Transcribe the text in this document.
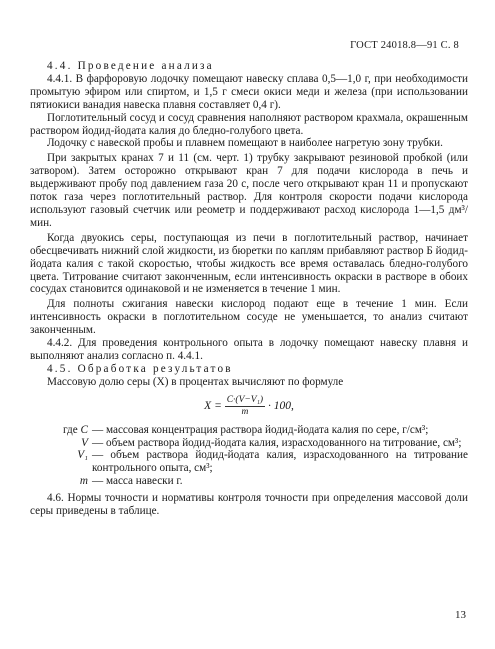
ГОСТ 24018.8—91 С. 8

4.4. Проведение анализа

4.4.1. В фарфоровую лодочку помещают навеску сплава 0,5—1,0 г, при необходимости промытую эфиром или спиртом, и 1,5 г смеси окиси меди и железа (при использовании пятиокиси ванадия навеска плавня составляет 0,4 г).

Поглотительный сосуд и сосуд сравнения наполняют раствором крахмала, окрашенным раствором йодид-йодата калия до бледно-голубого цвета.

Лодочку с навеской пробы и плавнем помещают в наиболее нагретую зону трубки.

При закрытых кранах 7 и 11 (см. черт. 1) трубку закрывают резиновой пробкой (или затвором). Затем осторожно открывают кран 7 для подачи кислорода в печь и выдерживают пробу под давлением газа 20 с, после чего открывают кран 11 и пропускают поток газа через поглотительный раствор. Для контроля скорости подачи кислорода используют газовый счетчик или реометр и поддерживают расход кислорода 1—1,5 дм³/мин.

Когда двуокись серы, поступающая из печи в поглотительный раствор, начинает обесцвечивать нижний слой жидкости, из бюретки по каплям прибавляют раствор Б йодид-йодата калия с такой скоростью, чтобы жидкость все время оставалась бледно-голубого цвета. Титрование считают законченным, если интенсивность окраски в растворе в обоих сосудах становится одинаковой и не изменяется в течение 1 мин.

Для полноты сжигания навески кислород подают еще в течение 1 мин. Если интенсивность окраски в поглотительном сосуде не уменьшается, то анализ считают законченным.

4.4.2. Для проведения контрольного опыта в лодочку помещают навеску плавня и выполняют анализ согласно п. 4.4.1.

4.5. Обработка результатов

Массовую долю серы (X) в процентах вычисляют по формуле

$X = \frac{\text{C·(V−V₁)}}{m} \cdot 100$,
где C — массовая концентрация раствора йодид-йодата калия по сере, г/см³;
V — объем раствора йодид-йодата калия, израсходованного на титрование, см³;
V₁ — объем раствора йодид-йодата калия, израсходованного на титрование контрольного опыта, см³;
m — масса навески г.

4.6. Нормы точности и нормативы контроля точности при определения массовой доли серы приведены в таблице.

13
